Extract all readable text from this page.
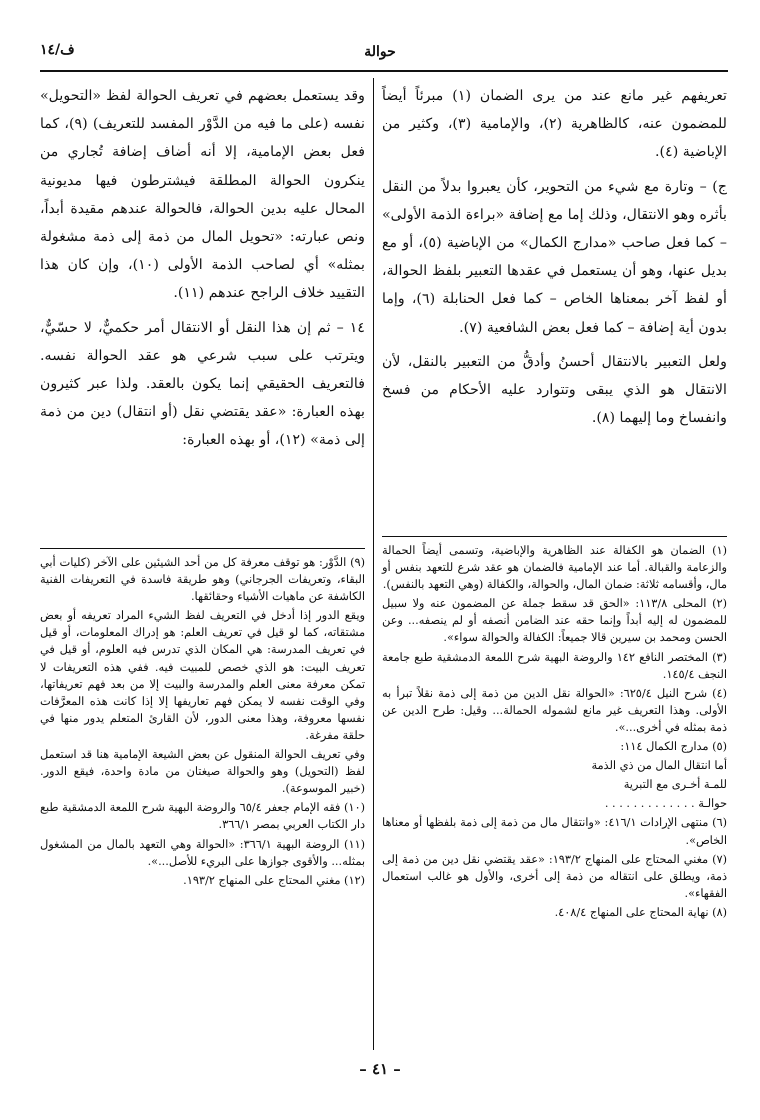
حوالة
ف/١٤

تعريفهم غير مانع عند من يرى الضمان (١) مبرئاً أيضاً للمضمون عنه، كالظاهرية (٢)، والإمامية (٣)، وكثير من الإباضية (٤).

ج) – وتارة مع شيء من التحوير، كأن يعبروا بدلاً من النقل بأثره وهو الانتقال، وذلك إما مع إضافة «براءة الذمة الأولى» – كما فعل صاحب «مدارج الكمال» من الإباضية (٥)، أو مع بديل عنها، وهو أن يستعمل في عقدها التعبير بلفظ الحوالة، أو لفظ آخر بمعناها الخاص – كما فعل الحنابلة (٦)، وإما بدون أية إضافة – كما فعل بعض الشافعية (٧).

ولعل التعبير بالانتقال أحسنُ وأدقُّ من التعبير بالنقل، لأن الانتقال هو الذي يبقى وتتوارد عليه الأحكام من فسخ وانفساخ وما إليهما (٨).

(١) الضمان هو الكفالة عند الظاهرية والإباضية، وتسمى أيضاً الحمالة والزعامة والقبالة. أما عند الإمامية فالضمان هو عقد شرع للتعهد بنفس أو مال، وأقسامه ثلاثة: ضمان المال، والحوالة، والكفالة (وهي التعهد بالنفس).
(٢) المحلى ١١٣/٨: «الحق قد سقط جملة عن المضمون عنه ولا سبيل للمضمون له إليه أبداً وإنما حقه عند الضامن أنصفه أو لم ينصفه... وعن الحسن ومحمد بن سيرين قالا جميعاً: الكفالة والحوالة سواء».
(٣) المختصر النافع ١٤٢ والروضة البهية شرح اللمعة الدمشقية طبع جامعة النجف ١٤٥/٤.
(٤) شرح النيل ٦٢٥/٤: «الحوالة نقل الدين من ذمة إلى ذمة نقلاً تبرأ به الأولى. وهذا التعريف غير مانع لشموله الحمالة... وقيل: طرح الدين عن ذمة بمثله في أخرى...».
(٥) مدارج الكمال ١١٤:
أما انتقال المال من ذي الذمة
للمـة أخـرى مع التبرية
حوالـة . . . . . . . . . . . . .
(٦) منتهى الإرادات ٤١٦/١: «وانتقال مال من ذمة إلى ذمة بلفظها أو معناها الخاص».
(٧) مغني المحتاج على المنهاج ١٩٣/٢: «عقد يقتضي نقل دين من ذمة إلى ذمة، ويطلق على انتقاله من ذمة إلى أخرى، والأول هو غالب استعمال الفقهاء».
(٨) نهاية المحتاج على المنهاج ٤٠٨/٤.

وقد يستعمل بعضهم في تعريف الحوالة لفظ «التحويل» نفسه (على ما فيه من الدَّوْر المفسد للتعريف) (٩)، كما فعل بعض الإمامية، إلا أنه أضاف إضافة تُجاري من ينكرون الحوالة المطلقة فيشترطون فيها مديونية المحال عليه بدين الحوالة، فالحوالة عندهم مقيدة أبداً، ونص عبارته: «تحويل المال من ذمة إلى ذمة مشغولة بمثله» أي لصاحب الذمة الأولى (١٠)، وإن كان هذا التقييد خلاف الراجح عندهم (١١).

١٤ – ثم إن هذا النقل أو الانتقال أمر حكميٌّ، لا حسّيٌّ، ويترتب على سبب شرعي هو عقد الحوالة نفسه. فالتعريف الحقيقي إنما يكون بالعقد. ولذا عبر كثيرون بهذه العبارة: «عقد يقتضي نقل (أو انتقال) دين من ذمة إلى ذمة» (١٢)، أو بهذه العبارة:

(٩) الدَّوْر: هو توقف معرفة كل من أحد الشيئين على الآخر (كليات أبي البقاء، وتعريفات الجرجاني) وهو طريقة فاسدة في التعريفات الفنية الكاشفة عن ماهيات الأشياء وحقائقها.
ويقع الدور إذا أدخل في التعريف لفظ الشيء المراد تعريفه أو بعض مشتقاته، كما لو قيل في تعريف العلم: هو إدراك المعلومات، أو قيل في تعريف المدرسة: هي المكان الذي تدرس فيه العلوم، أو قيل في تعريف البيت: هو الذي خصص للمبيت فيه. ففي هذه التعريفات لا تمكن معرفة معنى العلم والمدرسة والبيت إلا من بعد فهم تعريفاتها، وفي الوقت نفسه لا يمكن فهم تعاريفها إلا إذا كانت هذه المعرَّفات نفسها معروفة، وهذا معنى الدور، لأن القارئ المتعلم يدور منها في حلقة مفرغة.
وفي تعريف الحوالة المنقول عن بعض الشيعة الإمامية هنا قد استعمل لفظ (التحويل) وهو والحوالة صيغتان من مادة واحدة، فيقع الدور. (خبير الموسوعة).
(١٠) فقه الإمام جعفر ٦٥/٤ والروضة البهية شرح اللمعة الدمشقية طبع دار الكتاب العربي بمصر ٣٦٦/١.
(١١) الروضة البهية ٣٦٦/١: «الحوالة وهي التعهد بالمال من المشغول بمثله... والأقوى جوازها على البريء للأصل...».
(١٢) مغني المحتاج على المنهاج ١٩٣/٢.
– ٤١ –
